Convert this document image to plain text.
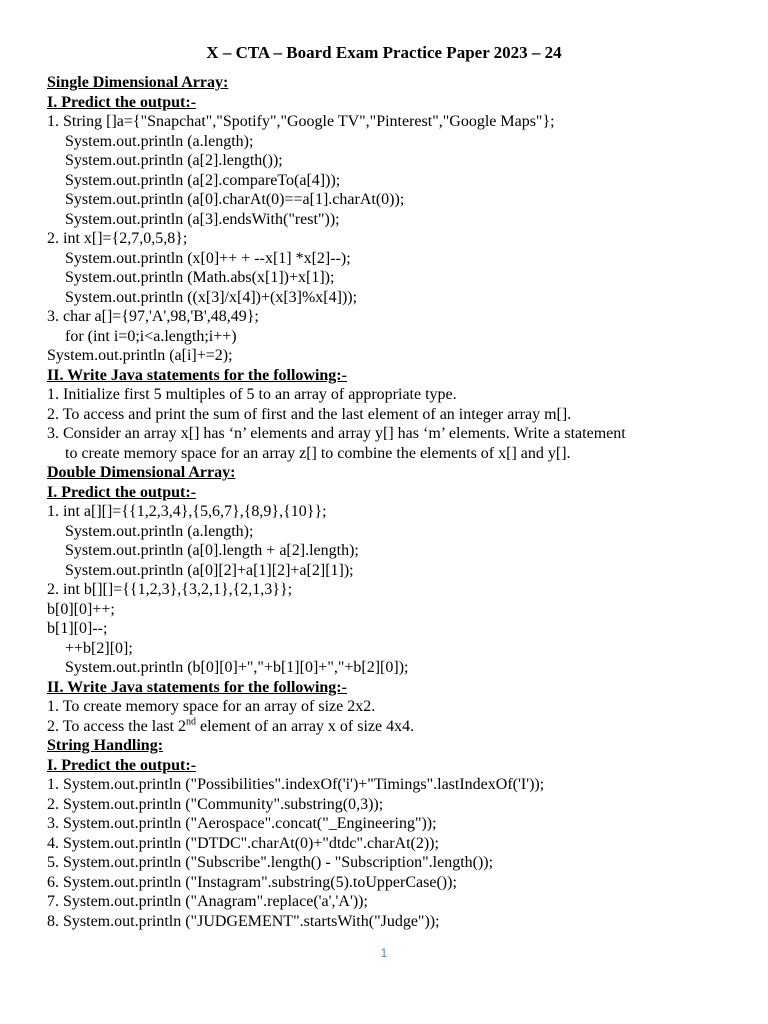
X – CTA – Board Exam Practice Paper 2023 – 24
Single Dimensional Array:
I. Predict the output:-
1. String []a={"Snapchat","Spotify","Google TV","Pinterest","Google Maps"};
System.out.println (a.length);
System.out.println (a[2].length());
System.out.println (a[2].compareTo(a[4]));
System.out.println (a[0].charAt(0)==a[1].charAt(0));
System.out.println (a[3].endsWith("rest"));
2. int x[]={2,7,0,5,8};
System.out.println (x[0]++ + --x[1] *x[2]--);
System.out.println (Math.abs(x[1])+x[1]);
System.out.println ((x[3]/x[4])+(x[3]%x[4]));
3. char a[]={97,'A',98,'B',48,49};
for (int i=0;i<a.length;i++)
System.out.println (a[i]+=2);
II. Write Java statements for the following:-
1. Initialize first 5 multiples of 5 to an array of appropriate type.
2. To access and print the sum of first and the last element of an integer array m[].
3. Consider an array x[] has ‘n’ elements and array y[] has ‘m’ elements. Write a statement
to create memory space for an array z[] to combine the elements of x[] and y[].
Double Dimensional Array:
I. Predict the output:-
1. int a[][]={{1,2,3,4},{5,6,7},{8,9},{10}};
System.out.println (a.length);
System.out.println (a[0].length + a[2].length);
System.out.println (a[0][2]+a[1][2]+a[2][1]);
2. int b[][]={{1,2,3},{3,2,1},{2,1,3}};
b[0][0]++;
b[1][0]--;
++b[2][0];
System.out.println (b[0][0]+","+b[1][0]+","+b[2][0]);
II. Write Java statements for the following:-
1. To create memory space for an array of size 2x2.
2. To access the last 2nd element of an array x of size 4x4.
String Handling:
I. Predict the output:-
1. System.out.println ("Possibilities".indexOf('i')+"Timings".lastIndexOf('I'));
2. System.out.println ("Community".substring(0,3));
3. System.out.println ("Aerospace".concat("_Engineering"));
4. System.out.println ("DTDC".charAt(0)+"dtdc".charAt(2));
5. System.out.println ("Subscribe".length() - "Subscription".length());
6. System.out.println ("Instagram".substring(5).toUpperCase());
7. System.out.println ("Anagram".replace('a','A'));
8. System.out.println ("JUDGEMENT".startsWith("Judge"));
1
